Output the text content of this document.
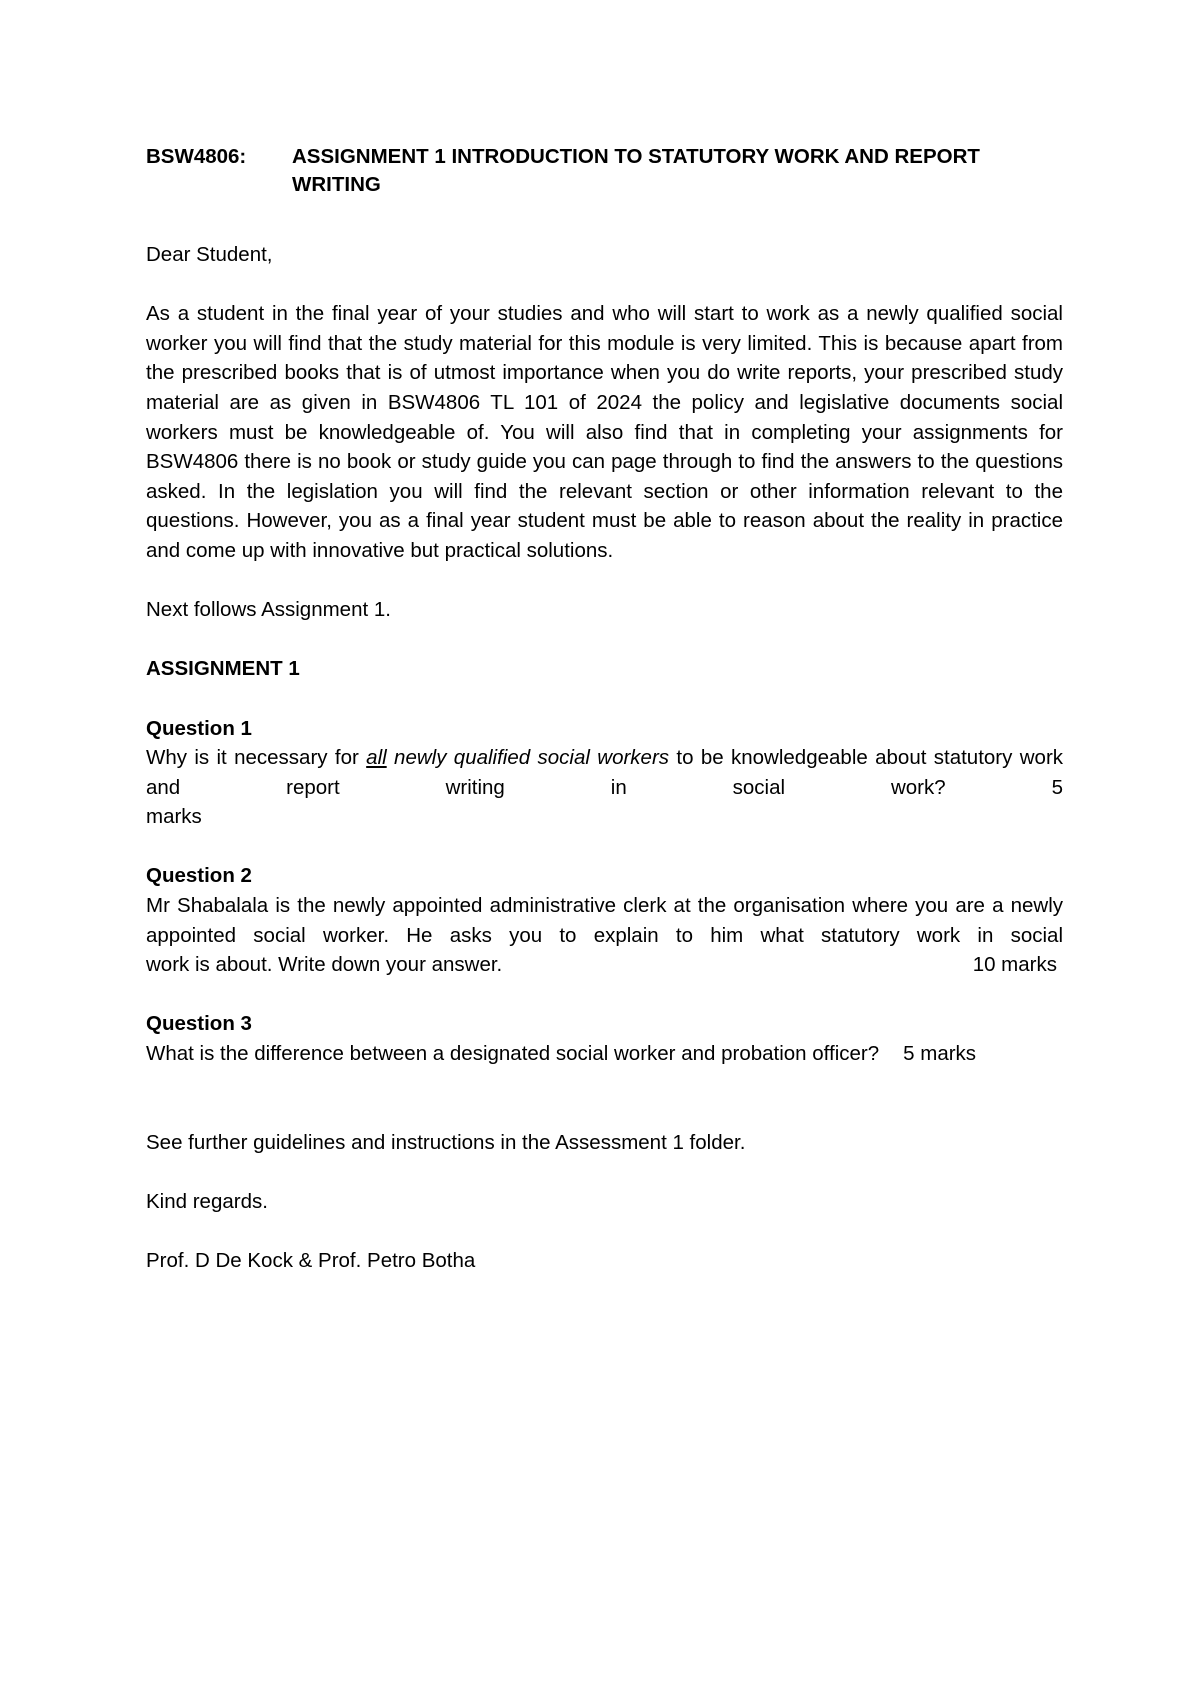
BSW4806:	ASSIGNMENT 1 INTRODUCTION TO STATUTORY WORK AND REPORT WRITING

Dear Student,

As a student in the final year of your studies and who will start to work as a newly qualified social worker you will find that the study material for this module is very limited. This is because apart from the prescribed books that is of utmost importance when you do write reports, your prescribed study material are as given in BSW4806 TL 101 of 2024 the policy and legislative documents social workers must be knowledgeable of. You will also find that in completing your assignments for BSW4806 there is no book or study guide you can page through to find the answers to the questions asked. In the legislation you will find the relevant section or other information relevant to the questions. However, you as a final year student must be able to reason about the reality in practice and come up with innovative but practical solutions.

Next follows Assignment 1.

ASSIGNMENT 1

Question 1

Why is it necessary for all newly qualified social workers to be knowledgeable about statutory work and report writing in social work?	5

marks

Question 2

Mr Shabalala is the newly appointed administrative clerk at the organisation where you are a newly appointed social worker. He asks you to explain to him what statutory work in social

work is about. Write down your answer.	10 marks

Question 3

What is the difference between a designated social worker and probation officer? 5 marks

See further guidelines and instructions in the Assessment 1 folder.

Kind regards.

Prof. D De Kock & Prof. Petro Botha
